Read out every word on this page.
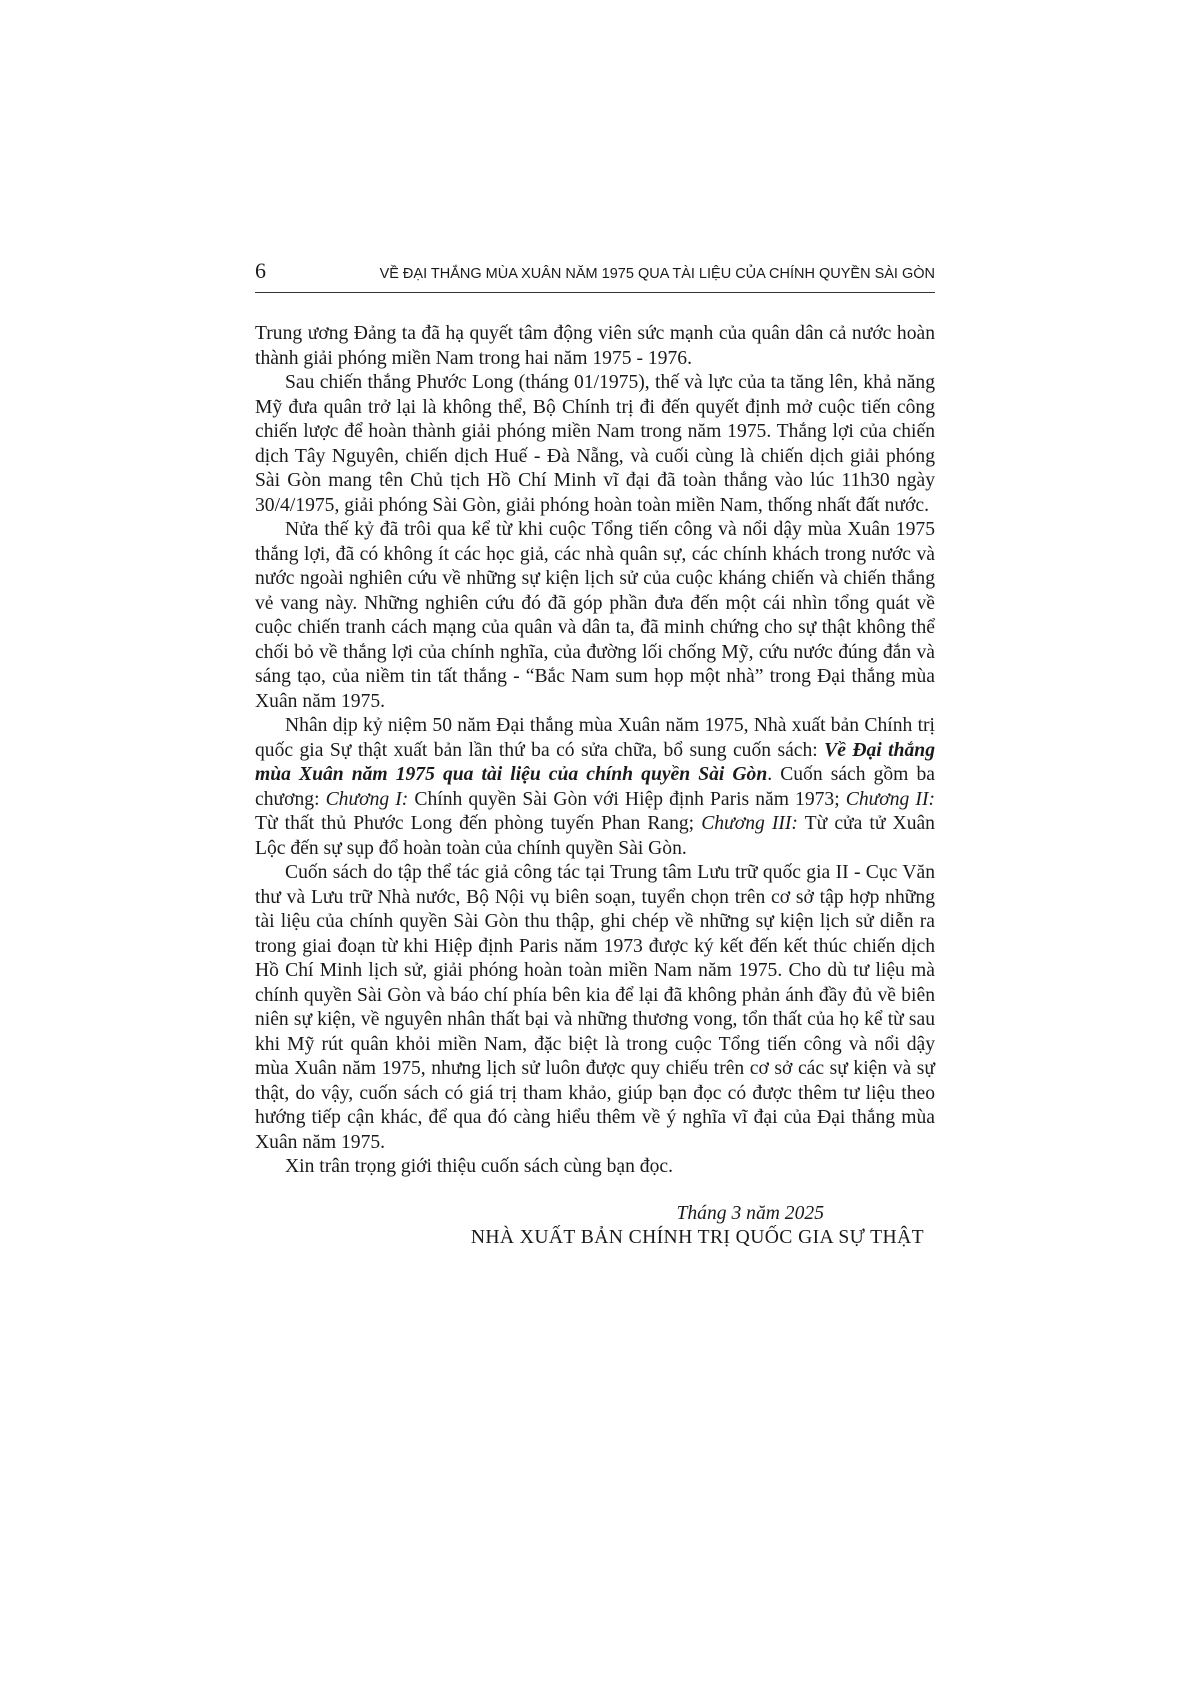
6	VỀ ĐẠI THẮNG MÙA XUÂN NĂM 1975 QUA TÀI LIỆU CỦA CHÍNH QUYỀN SÀI GÒN

Trung ương Đảng ta đã hạ quyết tâm động viên sức mạnh của quân dân cả nước hoàn thành giải phóng miền Nam trong hai năm 1975 - 1976.

Sau chiến thắng Phước Long (tháng 01/1975), thế và lực của ta tăng lên, khả năng Mỹ đưa quân trở lại là không thể, Bộ Chính trị đi đến quyết định mở cuộc tiến công chiến lược để hoàn thành giải phóng miền Nam trong năm 1975. Thắng lợi của chiến dịch Tây Nguyên, chiến dịch Huế - Đà Nẵng, và cuối cùng là chiến dịch giải phóng Sài Gòn mang tên Chủ tịch Hồ Chí Minh vĩ đại đã toàn thắng vào lúc 11h30 ngày 30/4/1975, giải phóng Sài Gòn, giải phóng hoàn toàn miền Nam, thống nhất đất nước.

Nửa thế kỷ đã trôi qua kể từ khi cuộc Tổng tiến công và nổi dậy mùa Xuân 1975 thắng lợi, đã có không ít các học giả, các nhà quân sự, các chính khách trong nước và nước ngoài nghiên cứu về những sự kiện lịch sử của cuộc kháng chiến và chiến thắng vẻ vang này. Những nghiên cứu đó đã góp phần đưa đến một cái nhìn tổng quát về cuộc chiến tranh cách mạng của quân và dân ta, đã minh chứng cho sự thật không thể chối bỏ về thắng lợi của chính nghĩa, của đường lối chống Mỹ, cứu nước đúng đắn và sáng tạo, của niềm tin tất thắng - “Bắc Nam sum họp một nhà” trong Đại thắng mùa Xuân năm 1975.

Nhân dịp kỷ niệm 50 năm Đại thắng mùa Xuân năm 1975, Nhà xuất bản Chính trị quốc gia Sự thật xuất bản lần thứ ba có sửa chữa, bổ sung cuốn sách: Về Đại thắng mùa Xuân năm 1975 qua tài liệu của chính quyền Sài Gòn. Cuốn sách gồm ba chương: Chương I: Chính quyền Sài Gòn với Hiệp định Paris năm 1973; Chương II: Từ thất thủ Phước Long đến phòng tuyến Phan Rang; Chương III: Từ cửa tử Xuân Lộc đến sự sụp đổ hoàn toàn của chính quyền Sài Gòn.

Cuốn sách do tập thể tác giả công tác tại Trung tâm Lưu trữ quốc gia II - Cục Văn thư và Lưu trữ Nhà nước, Bộ Nội vụ biên soạn, tuyển chọn trên cơ sở tập hợp những tài liệu của chính quyền Sài Gòn thu thập, ghi chép về những sự kiện lịch sử diễn ra trong giai đoạn từ khi Hiệp định Paris năm 1973 được ký kết đến kết thúc chiến dịch Hồ Chí Minh lịch sử, giải phóng hoàn toàn miền Nam năm 1975. Cho dù tư liệu mà chính quyền Sài Gòn và báo chí phía bên kia để lại đã không phản ánh đầy đủ về biên niên sự kiện, về nguyên nhân thất bại và những thương vong, tổn thất của họ kể từ sau khi Mỹ rút quân khỏi miền Nam, đặc biệt là trong cuộc Tổng tiến công và nổi dậy mùa Xuân năm 1975, nhưng lịch sử luôn được quy chiếu trên cơ sở các sự kiện và sự thật, do vậy, cuốn sách có giá trị tham khảo, giúp bạn đọc có được thêm tư liệu theo hướng tiếp cận khác, để qua đó càng hiểu thêm về ý nghĩa vĩ đại của Đại thắng mùa Xuân năm 1975.

Xin trân trọng giới thiệu cuốn sách cùng bạn đọc.

Tháng 3 năm 2025
NHÀ XUẤT BẢN CHÍNH TRỊ QUỐC GIA SỰ THẬT
